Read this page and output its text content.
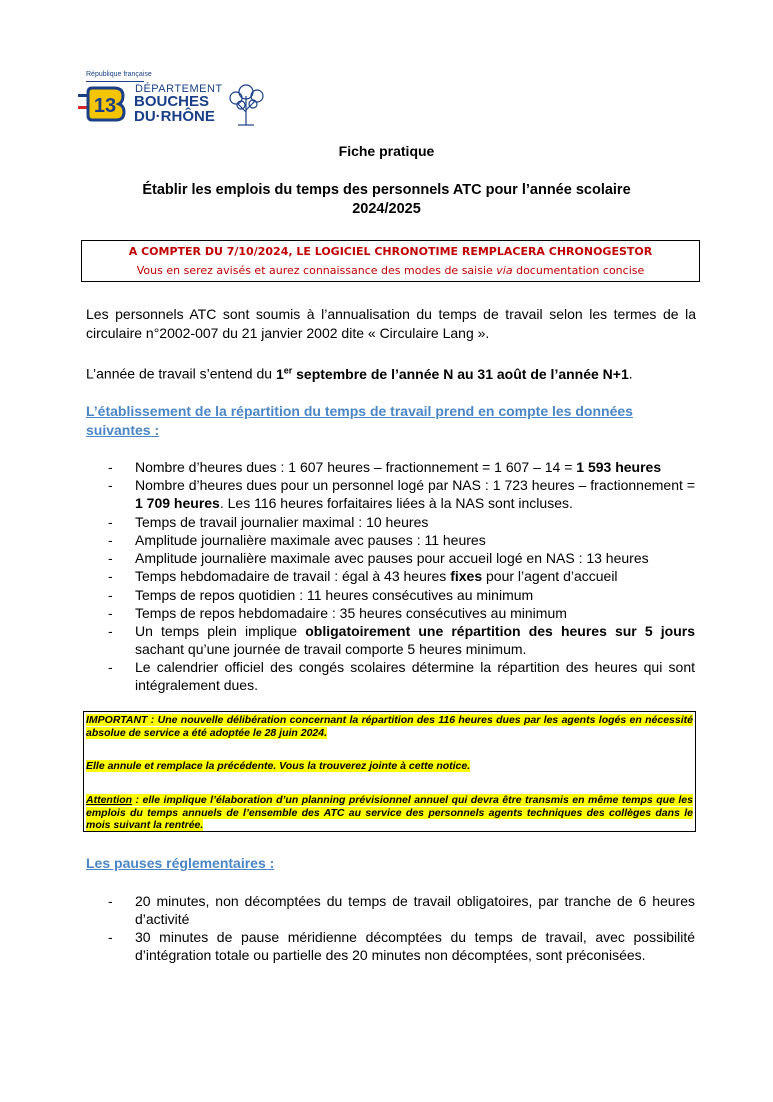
République française
13
DÉPARTEMENT
BOUCHES
DU·RHÔNE
Fiche pratique
Établir les emplois du temps des personnels ATC pour l’année scolaire
2024/2025
A COMPTER DU 7/10/2024, LE LOGICIEL CHRONOTIME REMPLACERA CHRONOGESTOR
Vous en serez avisés et aurez connaissance des modes de saisie via documentation concise
Les personnels ATC sont soumis à l’annualisation du temps de travail selon les termes de la circulaire n°2002-007 du 21 janvier 2002 dite « Circulaire Lang ».
L’année de travail s’entend du 1er septembre de l’année N au 31 août de l’année N+1.
L’établissement de la répartition du temps de travail prend en compte les données
suivantes :
- Nombre d’heures dues : 1 607 heures – fractionnement = 1 607 – 14 = 1 593 heures
- Nombre d’heures dues pour un personnel logé par NAS : 1 723 heures – fractionnement = 1 709 heures. Les 116 heures forfaitaires liées à la NAS sont incluses.
- Temps de travail journalier maximal : 10 heures
- Amplitude journalière maximale avec pauses : 11 heures
- Amplitude journalière maximale avec pauses pour accueil logé en NAS : 13 heures
- Temps hebdomadaire de travail : égal à 43 heures fixes pour l’agent d’accueil
- Temps de repos quotidien : 11 heures consécutives au minimum
- Temps de repos hebdomadaire : 35 heures consécutives au minimum
- Un temps plein implique obligatoirement une répartition des heures sur 5 jours sachant qu’une journée de travail comporte 5 heures minimum.
- Le calendrier officiel des congés scolaires détermine la répartition des heures qui sont intégralement dues.
IMPORTANT : Une nouvelle délibération concernant la répartition des 116 heures dues par les agents logés en nécessité absolue de service a été adoptée le 28 juin 2024.
Elle annule et remplace la précédente. Vous la trouverez jointe à cette notice.
Attention : elle implique l’élaboration d’un planning prévisionnel annuel qui devra être transmis en même temps que les emplois du temps annuels de l’ensemble des ATC au service des personnels agents techniques des collèges dans le mois suivant la rentrée.
Les pauses réglementaires :
- 20 minutes, non décomptées du temps de travail obligatoires, par tranche de 6 heures d’activité
- 30 minutes de pause méridienne décomptées du temps de travail, avec possibilité d’intégration totale ou partielle des 20 minutes non décomptées, sont préconisées.
